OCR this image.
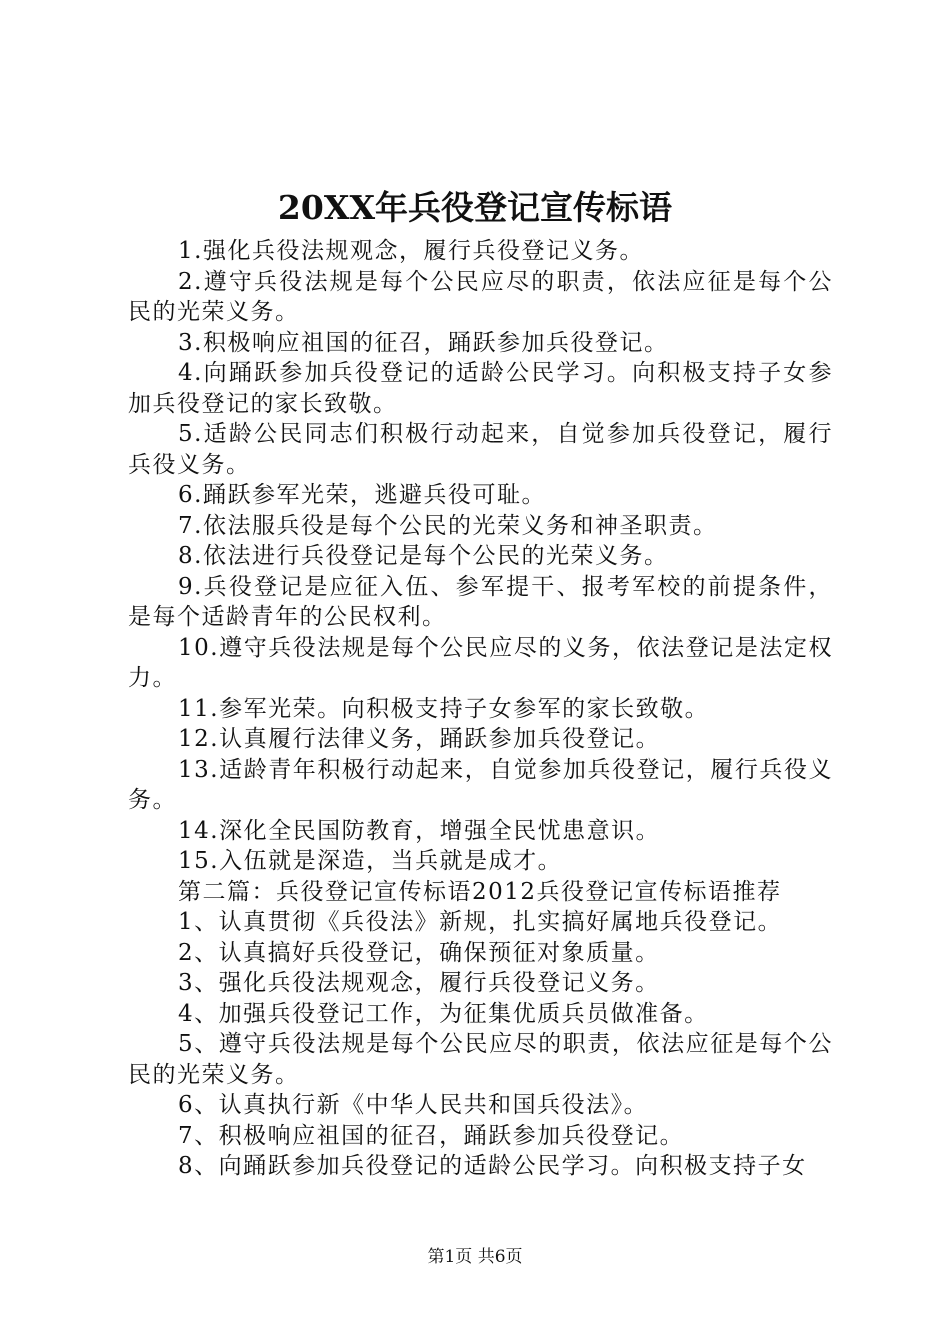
20XX年兵役登记宣传标语

1.强化兵役法规观念，履行兵役登记义务。

2.遵守兵役法规是每个公民应尽的职责，依法应征是每个公民的光荣义务。

3.积极响应祖国的征召，踊跃参加兵役登记。

4.向踊跃参加兵役登记的适龄公民学习。向积极支持子女参加兵役登记的家长致敬。

5.适龄公民同志们积极行动起来，自觉参加兵役登记，履行兵役义务。

6.踊跃参军光荣，逃避兵役可耻。

7.依法服兵役是每个公民的光荣义务和神圣职责。

8.依法进行兵役登记是每个公民的光荣义务。

9.兵役登记是应征入伍、参军提干、报考军校的前提条件，是每个适龄青年的公民权利。

10.遵守兵役法规是每个公民应尽的义务，依法登记是法定权力。

11.参军光荣。向积极支持子女参军的家长致敬。

12.认真履行法律义务，踊跃参加兵役登记。

13.适龄青年积极行动起来，自觉参加兵役登记，履行兵役义务。

14.深化全民国防教育，增强全民忧患意识。

15.入伍就是深造，当兵就是成才。

第二篇：兵役登记宣传标语2012兵役登记宣传标语推荐

1、认真贯彻《兵役法》新规，扎实搞好属地兵役登记。

2、认真搞好兵役登记，确保预征对象质量。

3、强化兵役法规观念，履行兵役登记义务。

4、加强兵役登记工作，为征集优质兵员做准备。

5、遵守兵役法规是每个公民应尽的职责，依法应征是每个公民的光荣义务。

6、认真执行新《中华人民共和国兵役法》。

7、积极响应祖国的征召，踊跃参加兵役登记。

8、向踊跃参加兵役登记的适龄公民学习。向积极支持子女

第1页 共6页
